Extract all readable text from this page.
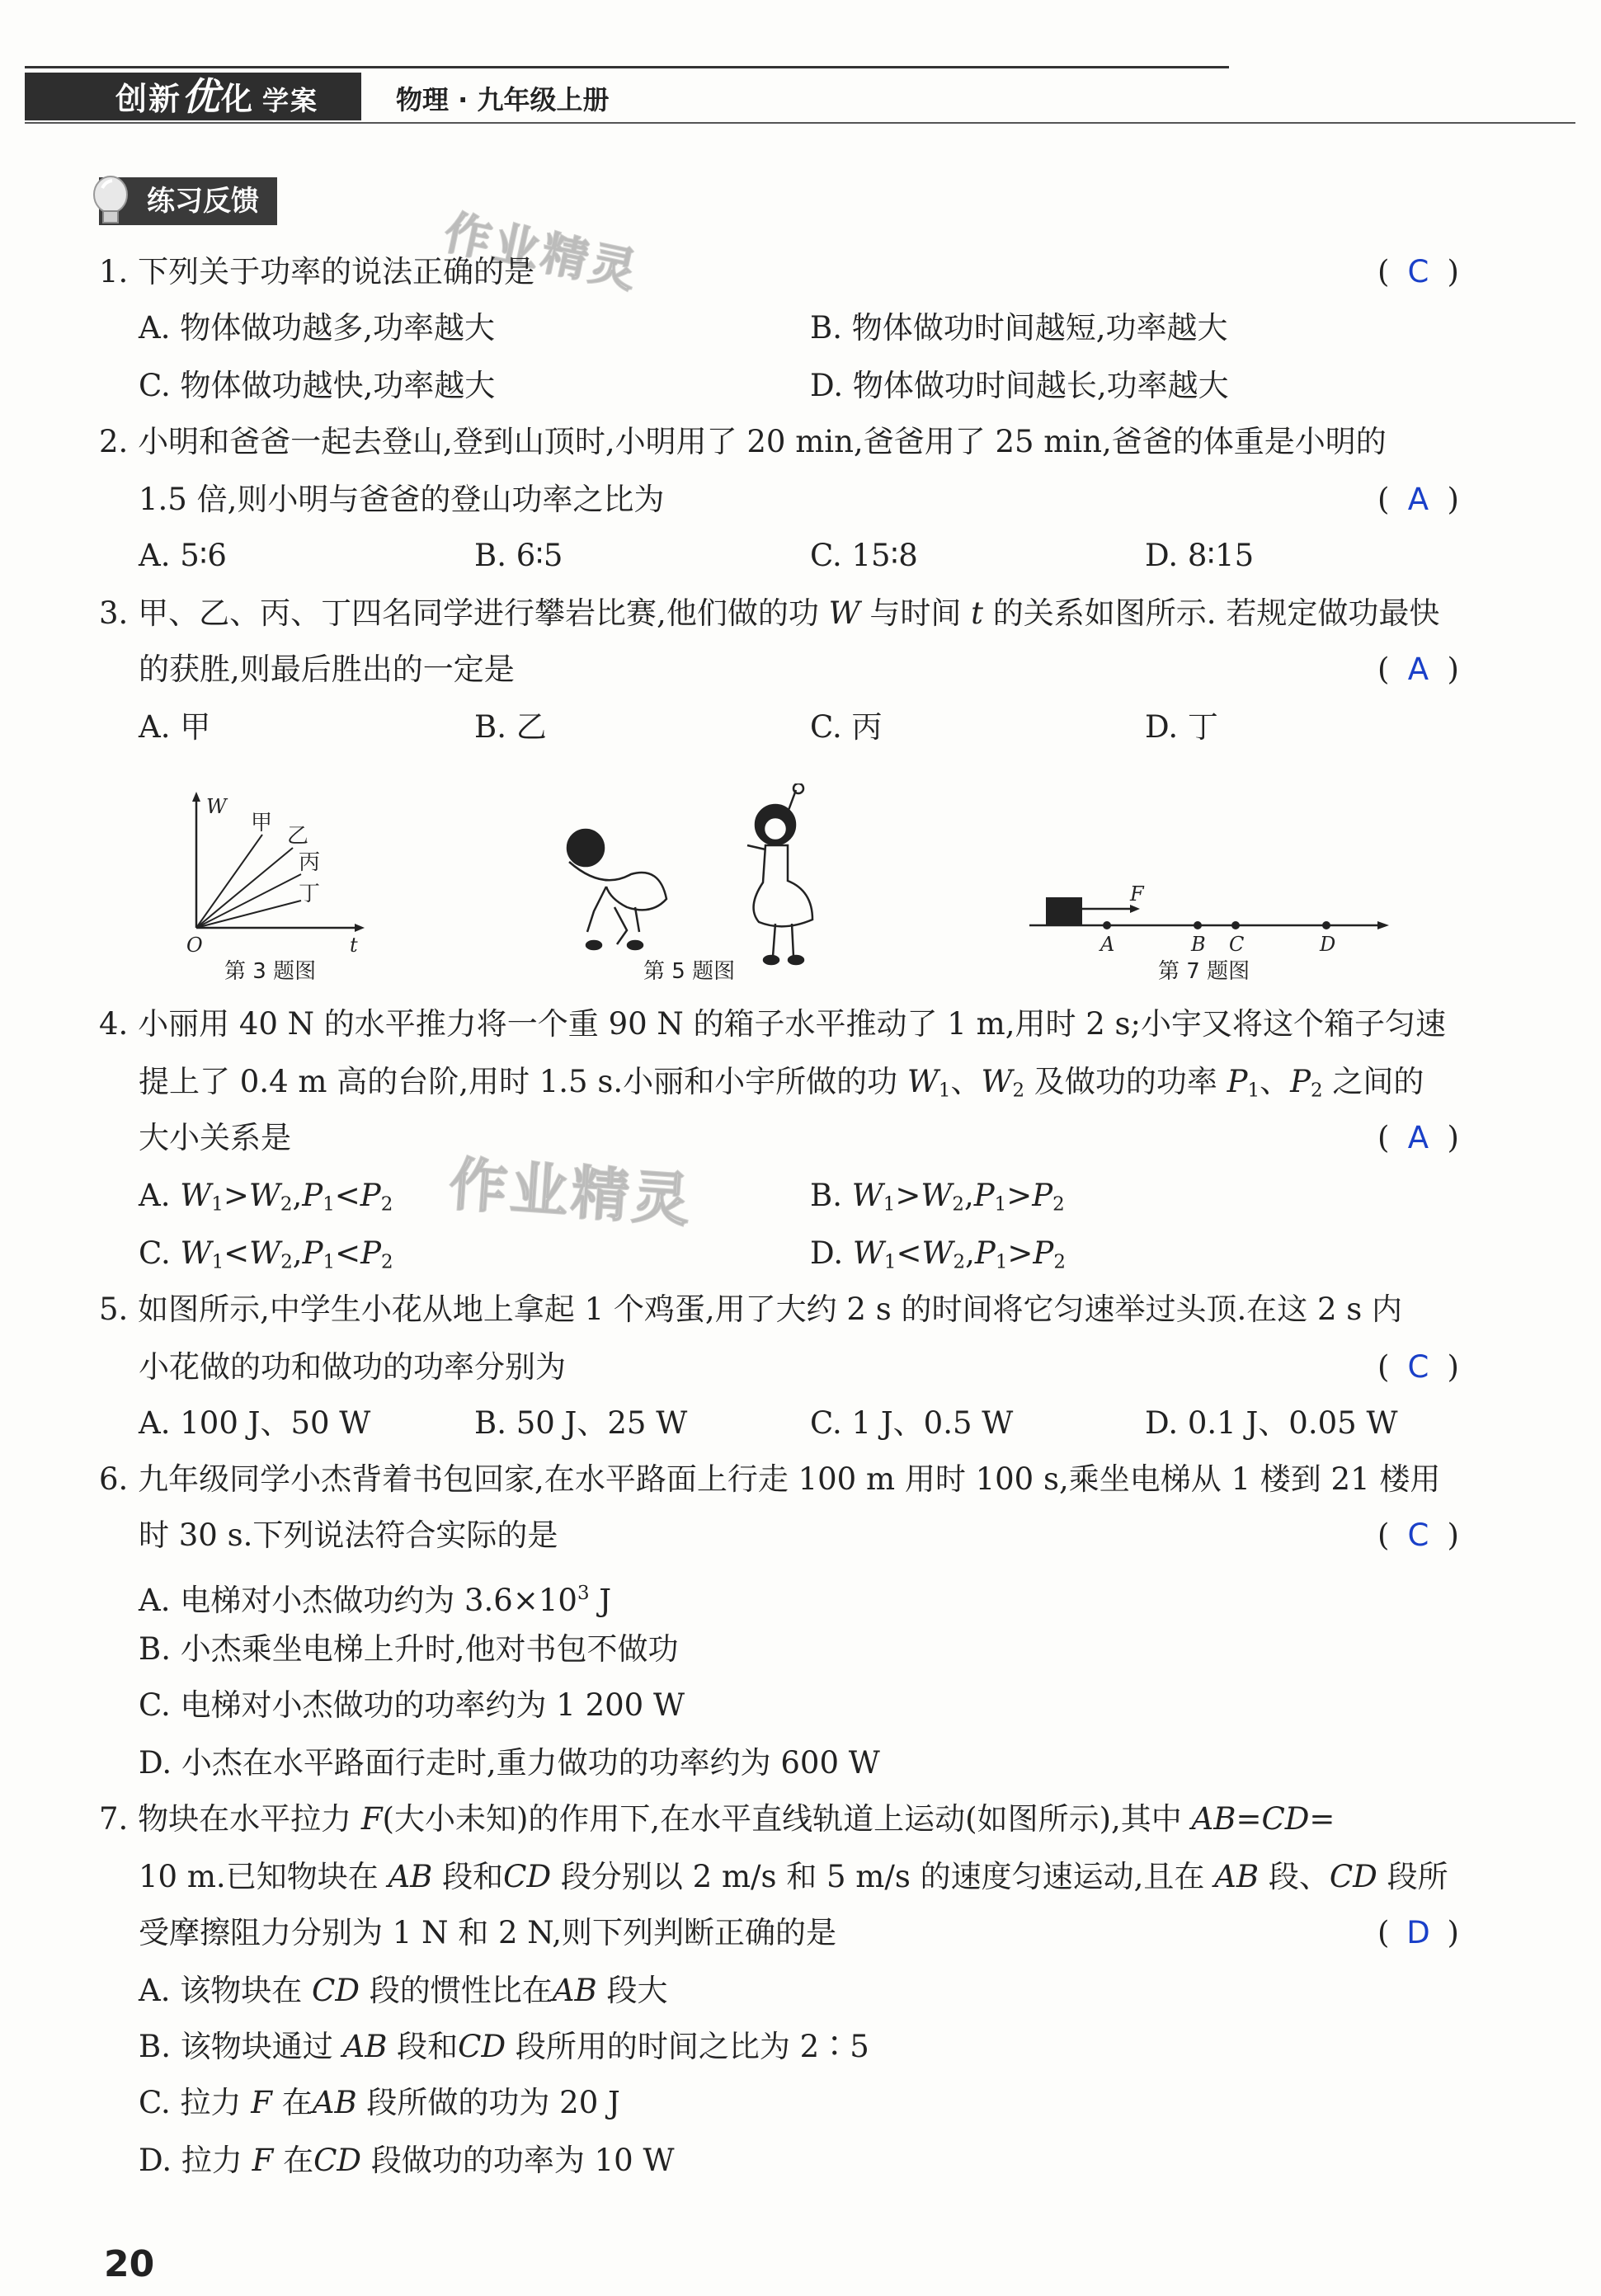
创新优化 学案	物理 · 九年级上册
练习反馈
作业精灵
作业精灵
1. 下列关于功率的说法正确的是	( C )
A. 物体做功越多,功率越大	B. 物体做功时间越短,功率越大
C. 物体做功越快,功率越大	D. 物体做功时间越长,功率越大
2. 小明和爸爸一起去登山,登到山顶时,小明用了 20 min,爸爸用了 25 min,爸爸的体重是小明的
1.5 倍,则小明与爸爸的登山功率之比为	( A )
A. 5∶6	B. 6∶5	C. 15∶8	D. 8∶15
3. 甲、乙、丙、丁四名同学进行攀岩比赛,他们做的功 W 与时间 t 的关系如图所示. 若规定做功最快
的获胜,则最后胜出的一定是	( A )
A. 甲	B. 乙	C. 丙	D. 丁
W
t
O
甲
乙
丙
丁
第 3 题图	第 5 题图
F
A	B C	D
第 7 题图
4. 小丽用 40 N 的水平推力将一个重 90 N 的箱子水平推动了 1 m,用时 2 s;小宇又将这个箱子匀速
提上了 0.4 m 高的台阶,用时 1.5 s.小丽和小宇所做的功 $W_1$、$W_2$ 及做功的功率 $P_1$、$P_2$ 之间的
大小关系是	( A )
A. $W_1>W_2,P_1<P_2$	B. $W_1>W_2,P_1>P_2$
C. $W_1<W_2,P_1<P_2$	D. $W_1<W_2,P_1>P_2$
5. 如图所示,中学生小花从地上拿起 1 个鸡蛋,用了大约 2 s 的时间将它匀速举过头顶.在这 2 s 内
小花做的功和做功的功率分别为	( C )
A. 100 J、50 W	B. 50 J、25 W	C. 1 J、0.5 W	D. 0.1 J、0.05 W
6. 九年级同学小杰背着书包回家,在水平路面上行走 100 m 用时 100 s,乘坐电梯从 1 楼到 21 楼用
时 30 s.下列说法符合实际的是	( C )
A. 电梯对小杰做功约为 $3.6\times 10^3$ J
B. 小杰乘坐电梯上升时,他对书包不做功
C. 电梯对小杰做功的功率约为 1 200 W
D. 小杰在水平路面行走时,重力做功的功率约为 600 W
7. 物块在水平拉力 F(大小未知)的作用下,在水平直线轨道上运动(如图所示),其中 AB=CD=
10 m.已知物块在 AB 段和CD 段分别以 2 m/s 和 5 m/s 的速度匀速运动,且在 AB 段、CD 段所
受摩擦阻力分别为 1 N 和 2 N,则下列判断正确的是	( D )
A. 该物块在 CD 段的惯性比在AB 段大
B. 该物块通过 AB 段和CD 段所用的时间之比为 2∶5
C. 拉力 F 在AB 段所做的功为 20 J
D. 拉力 F 在CD 段做功的功率为 10 W
20
